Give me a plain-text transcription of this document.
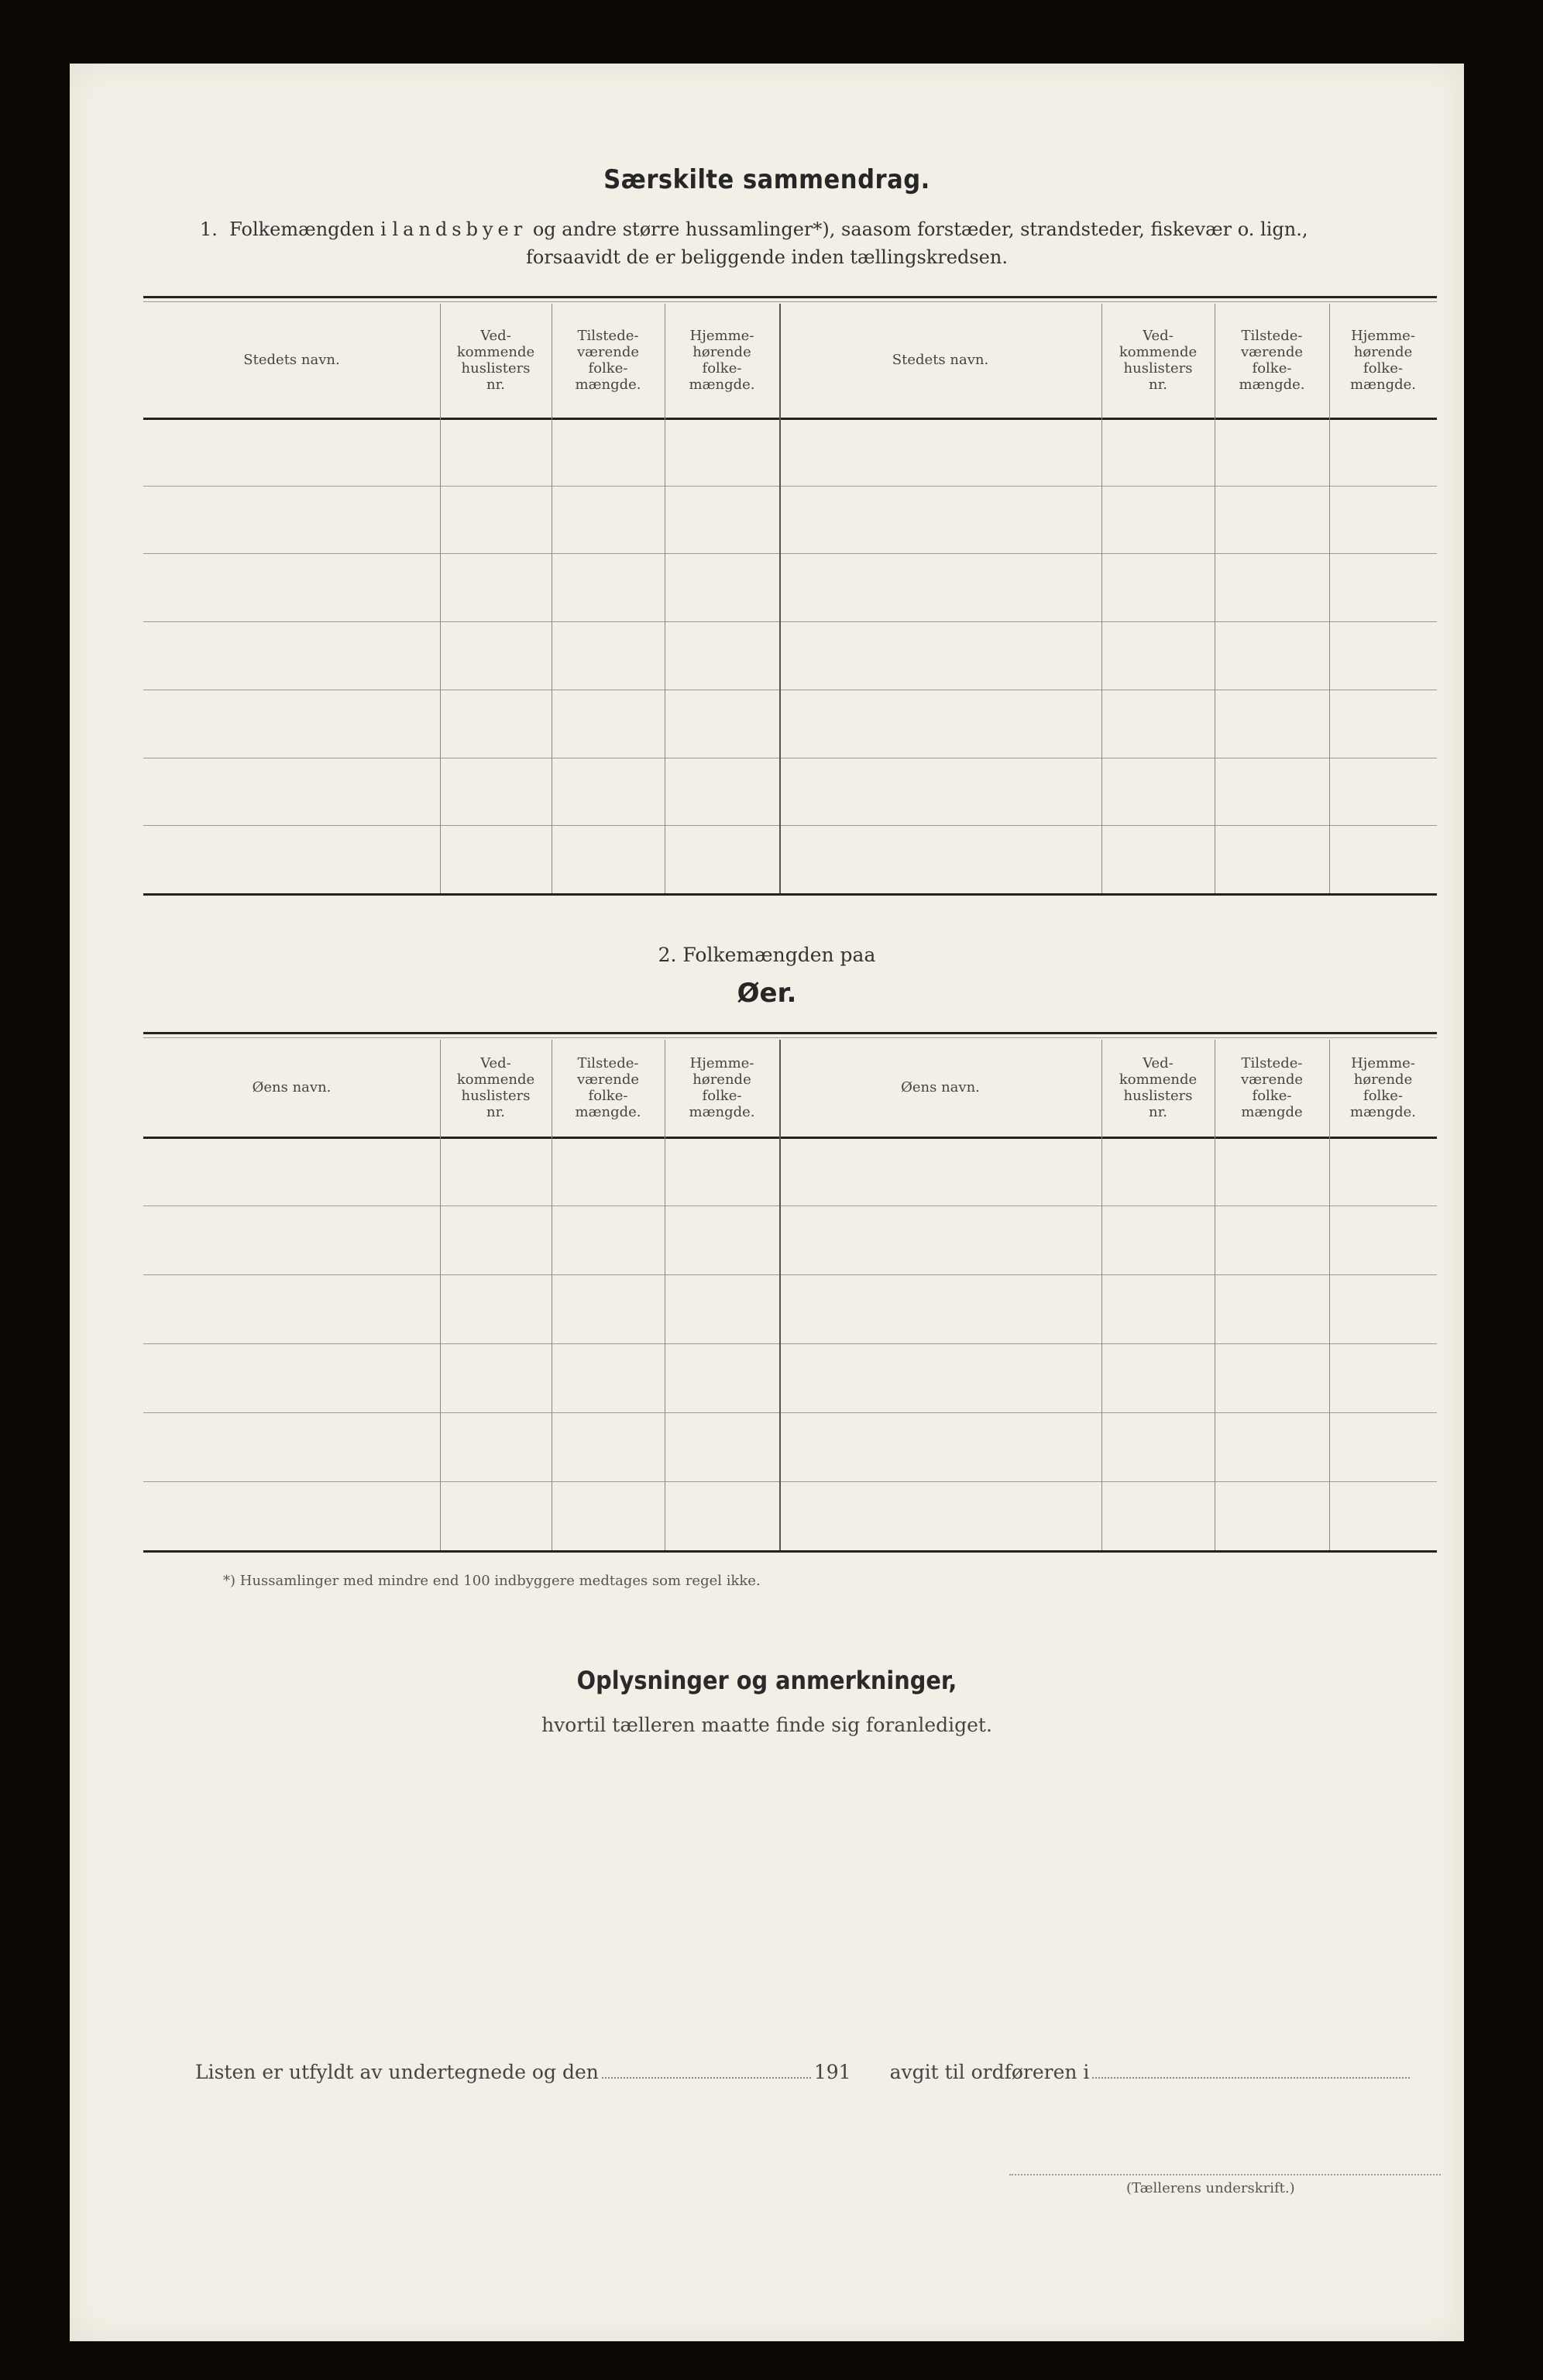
Særskilte sammendrag.
1. Folkemængden i landsbyer og andre større hussamlinger*), saasom forstæder, strandsteder, fiskevær o. lign.,
forsaavidt de er beliggende inden tællingskredsen.
Stedets navn.
Ved-
kommende
huslisters
nr.
Tilstede-
værende
folke-
mængde.
Hjemme-
hørende
folke-
mængde.
Stedets navn.
Ved-
kommende
huslisters
nr.
Tilstede-
værende
folke-
mængde.
Hjemme-
hørende
folke-
mængde.
2. Folkemængden paa
Øer.
Øens navn.
Ved-
kommende
huslisters
nr.
Tilstede-
værende
folke-
mængde.
Hjemme-
hørende
folke-
mængde.
Øens navn.
Ved-
kommende
huslisters
nr.
Tilstede-
værende
folke-
mængde
Hjemme-
hørende
folke-
mængde.
*) Hussamlinger med mindre end 100 indbyggere medtages som regel ikke.
Oplysninger og anmerkninger,
hvortil tælleren maatte finde sig foranlediget.
Listen er utfyldt av undertegnede og den	191 avgit til ordføreren i
(Tællerens underskrift.)
